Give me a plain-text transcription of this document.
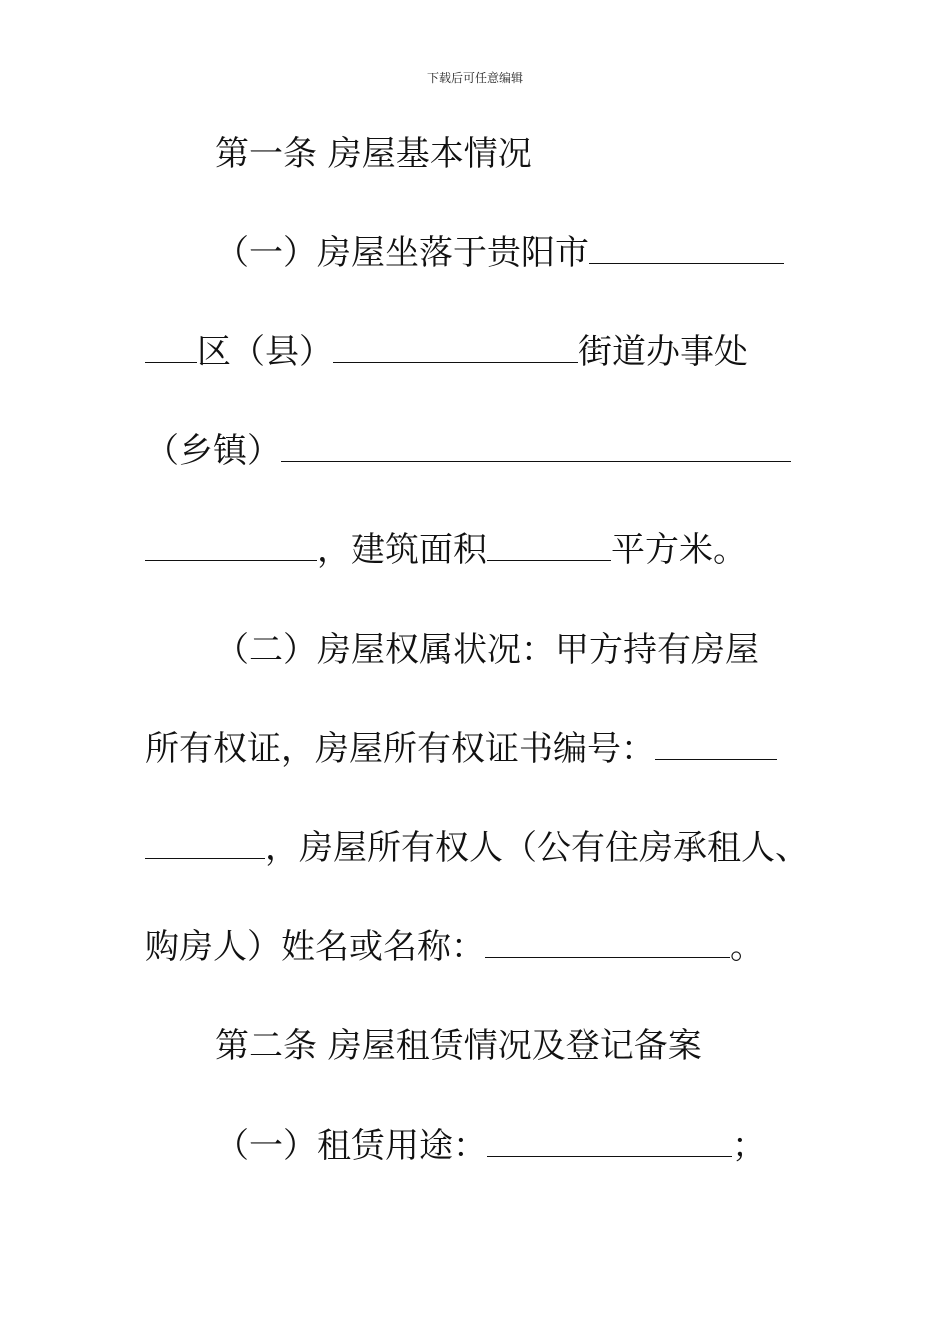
下载后可任意编辑
第一条 房屋基本情况
（一）房屋坐落于贵阳市
区（县）	街道办事处
（乡镇）
，建筑面积	平方米。
（二）房屋权属状况：甲方持有房屋
所有权证，房屋所有权证书编号：
，房屋所有权人（公有住房承租人、
购房人）姓名或名称：	。
第二条 房屋租赁情况及登记备案
（一）租赁用途：	；
